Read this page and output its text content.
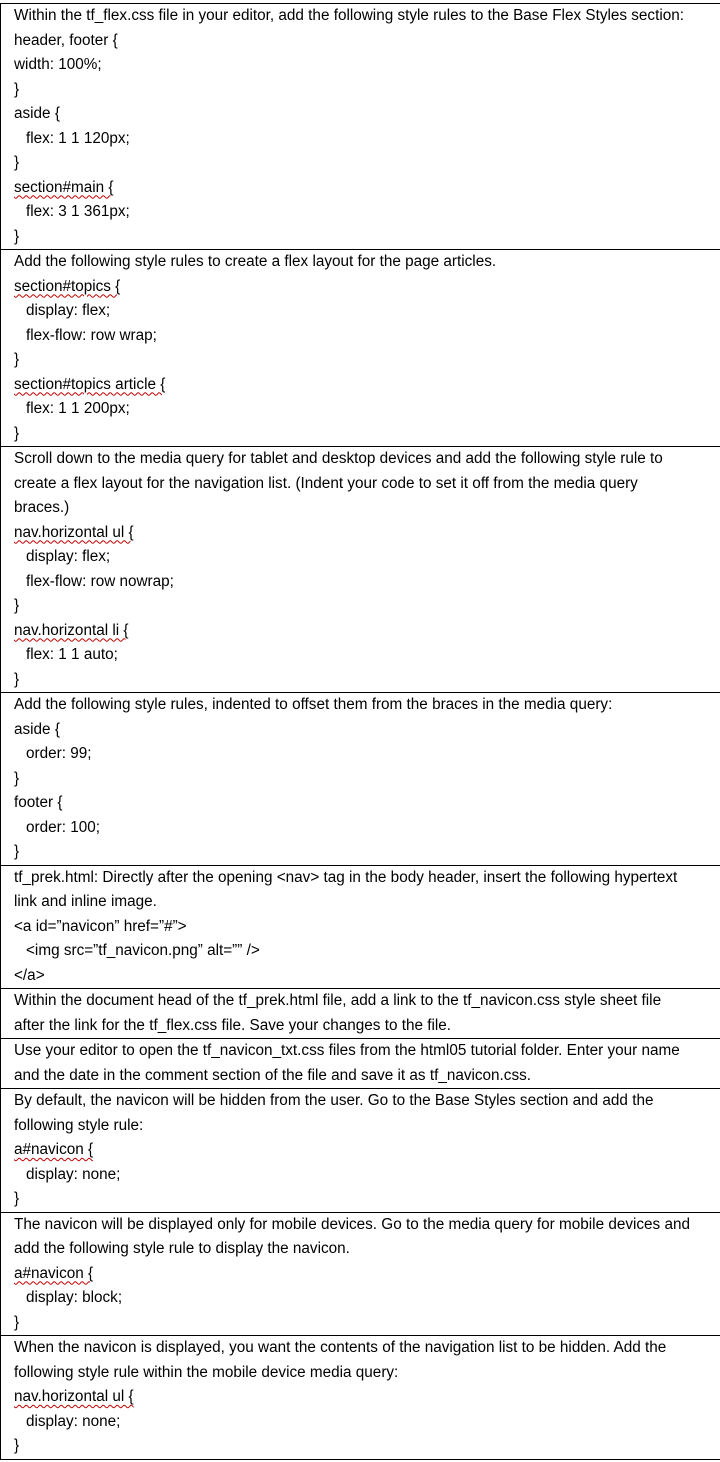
Within the tf_flex.css file in your editor, add the following style rules to the Base Flex Styles section:
header, footer {
width: 100%;
}
aside {
flex: 1 1 120px;
}
section#main {
flex: 3 1 361px;
}
Add the following style rules to create a flex layout for the page articles.
section#topics {
display: flex;
flex-flow: row wrap;
}
section#topics article {
flex: 1 1 200px;
}
Scroll down to the media query for tablet and desktop devices and add the following style rule to
create a flex layout for the navigation list. (Indent your code to set it off from the media query
braces.)
nav.horizontal ul {
display: flex;
flex-flow: row nowrap;
}
nav.horizontal li {
flex: 1 1 auto;
}
Add the following style rules, indented to offset them from the braces in the media query:
aside {
order: 99;
}
footer {
order: 100;
}
tf_prek.html: Directly after the opening <nav> tag in the body header, insert the following hypertext
link and inline image.
<a id=”navicon” href=”#”>
<img src=”tf_navicon.png” alt=”” />
</a>
Within the document head of the tf_prek.html file, add a link to the tf_navicon.css style sheet file
after the link for the tf_flex.css file. Save your changes to the file.
Use your editor to open the tf_navicon_txt.css files from the html05 tutorial folder. Enter your name
and the date in the comment section of the file and save it as tf_navicon.css.
By default, the navicon will be hidden from the user. Go to the Base Styles section and add the
following style rule:
a#navicon {
display: none;
}
The navicon will be displayed only for mobile devices. Go to the media query for mobile devices and
add the following style rule to display the navicon.
a#navicon {
display: block;
}
When the navicon is displayed, you want the contents of the navigation list to be hidden. Add the
following style rule within the mobile device media query:
nav.horizontal ul {
display: none;
}
